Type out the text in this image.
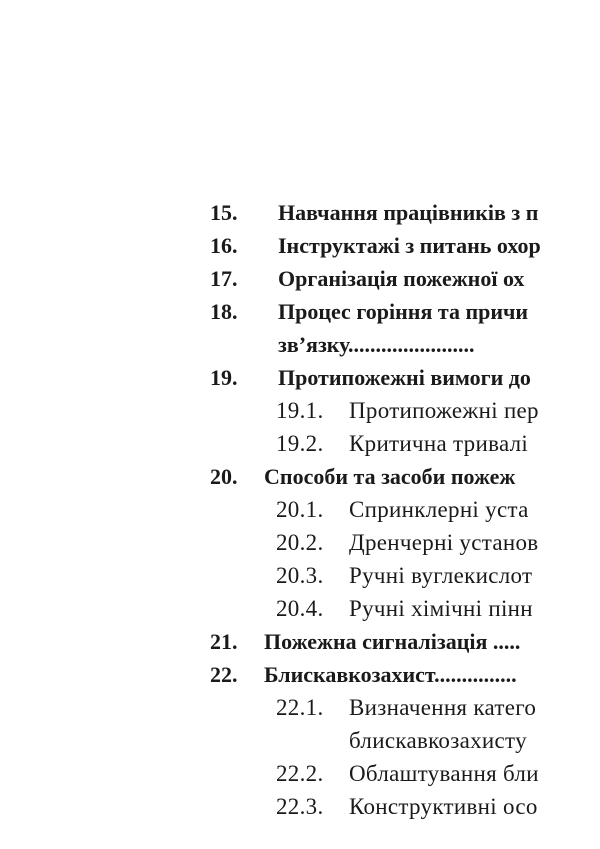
15. Навчання працівників з п
16. Інструктажі з питань охор
17. Організація пожежної ох
18. Процес горіння та причи
зв’язку.......................
19. Протипожежні вимоги до
19.1. Протипожежні пер
19.2. Критична тривалі
20. Способи та засоби пожеж
20.1. Спринклерні уста
20.2. Дренчерні установ
20.3. Ручні вуглекислот
20.4. Ручні хімічні пінн
21. Пожежна сигналізація .....
22. Блискавкозахист...............
22.1. Визначення катего
блискавкозахисту
22.2. Облаштування бли
22.3. Конструктивні осо
